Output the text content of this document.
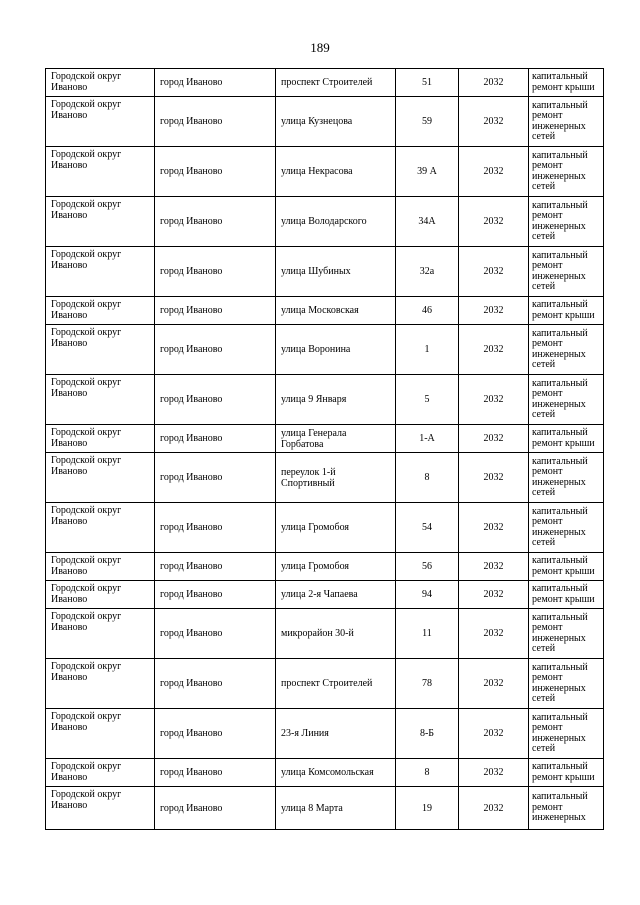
189
Городской округ Иваново	город Иваново	проспект Строителей	51	2032	капитальный ремонт крыши
Городской округ Иваново	город Иваново	улица Кузнецова	59	2032	капитальный ремонт инженерных сетей
Городской округ Иваново	город Иваново	улица Некрасова	39 А	2032	капитальный ремонт инженерных сетей
Городской округ Иваново	город Иваново	улица Володарского	34А	2032	капитальный ремонт инженерных сетей
Городской округ Иваново	город Иваново	улица Шубиных	32а	2032	капитальный ремонт инженерных сетей
Городской округ Иваново	город Иваново	улица Московская	46	2032	капитальный ремонт крыши
Городской округ Иваново	город Иваново	улица Воронина	1	2032	капитальный ремонт инженерных сетей
Городской округ Иваново	город Иваново	улица 9 Января	5	2032	капитальный ремонт инженерных сетей
Городской округ Иваново	город Иваново	улица Генерала Горбатова	1-А	2032	капитальный ремонт крыши
Городской округ Иваново	город Иваново	переулок 1-й Спортивный	8	2032	капитальный ремонт инженерных сетей
Городской округ Иваново	город Иваново	улица Громобоя	54	2032	капитальный ремонт инженерных сетей
Городской округ Иваново	город Иваново	улица Громобоя	56	2032	капитальный ремонт крыши
Городской округ Иваново	город Иваново	улица 2-я Чапаева	94	2032	капитальный ремонт крыши
Городской округ Иваново	город Иваново	микрорайон 30-й	11	2032	капитальный ремонт инженерных сетей
Городской округ Иваново	город Иваново	проспект Строителей	78	2032	капитальный ремонт инженерных сетей
Городской округ Иваново	город Иваново	23-я Линия	8-Б	2032	капитальный ремонт инженерных сетей
Городской округ Иваново	город Иваново	улица Комсомольская	8	2032	капитальный ремонт крыши
Городской округ Иваново	город Иваново	улица 8 Марта	19	2032	капитальный ремонт инженерных
